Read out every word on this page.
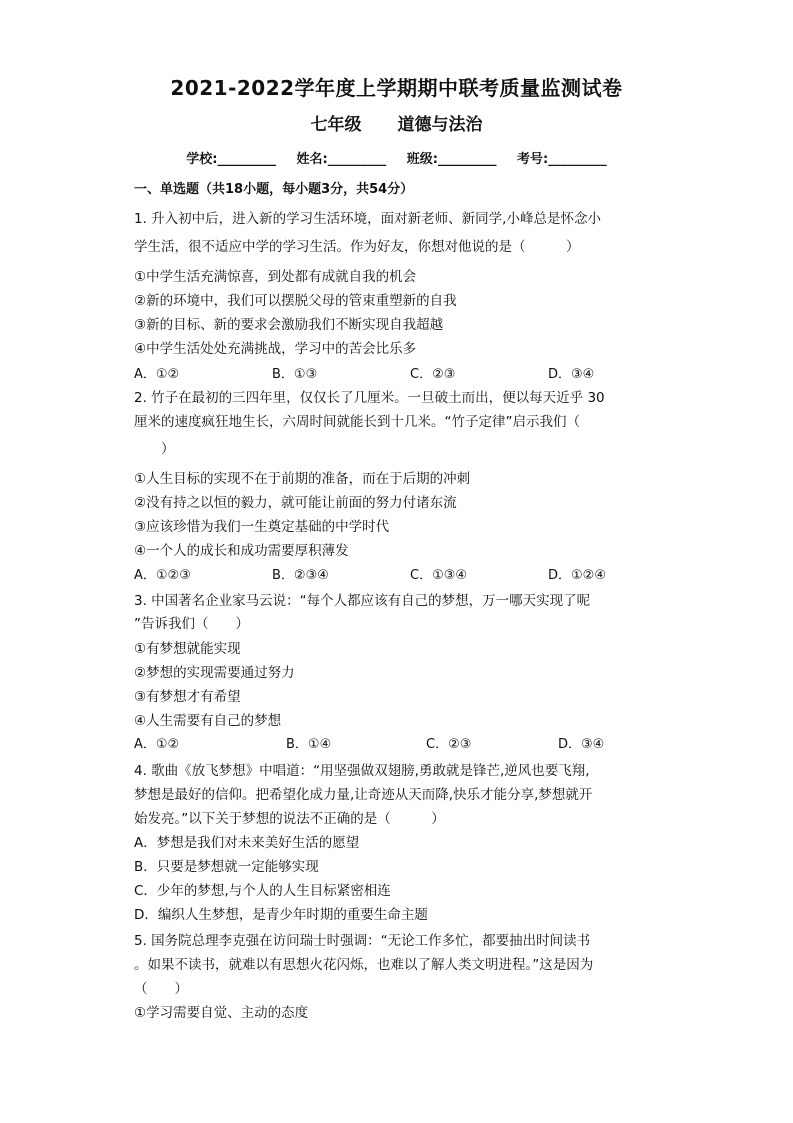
2021-2022学年度上学期期中联考质量监测试卷
七年级 道德与法治
学校:_________ 姓名:_________ 班级:_________ 考号:_________
一、单选题（共18小题，每小题3分，共54分）
1. 升入初中后，进入新的学习生活环境，面对新老师、新同学,小峰总是怀念小
学生活，很不适应中学的学习生活。作为好友，你想对他说的是（　　　）
①中学生活充满惊喜，到处都有成就自我的机会
②新的环境中，我们可以摆脱父母的管束重塑新的自我
③新的目标、新的要求会激励我们不断实现自我超越
④中学生活处处充满挑战，学习中的苦会比乐多
A．①②	B．①③	C．②③	D．③④
2. 竹子在最初的三四年里，仅仅长了几厘米。一旦破土而出，便以每天近乎 30
厘米的速度疯狂地生长，六周时间就能长到十几米。“竹子定律”启示我们（
　　）
①人生目标的实现不在于前期的准备，而在于后期的冲刺
②没有持之以恒的毅力，就可能让前面的努力付诸东流
③应该珍惜为我们一生奠定基础的中学时代
④一个人的成长和成功需要厚积薄发
A．①②③	B．②③④	C．①③④	D．①②④
3. 中国著名企业家马云说：“每个人都应该有自己的梦想，万一哪天实现了呢
”告诉我们（　　）
①有梦想就能实现
②梦想的实现需要通过努力
③有梦想才有希望
④人生需要有自己的梦想
A．①②	B．①④	C．②③	D．③④
4. 歌曲《放飞梦想》中唱道：“用坚强做双翅膀,勇敢就是锋芒,逆风也要飞翔,
梦想是最好的信仰。把希望化成力量,让奇迹从天而降,快乐才能分享,梦想就开
始发亮。”以下关于梦想的说法不正确的是（　　　）
A．梦想是我们对未来美好生活的愿望
B．只要是梦想就一定能够实现
C．少年的梦想,与个人的人生目标紧密相连
D．编织人生梦想，是青少年时期的重要生命主题
5. 国务院总理李克强在访问瑞士时强调：“无论工作多忙，都要抽出时间读书
。如果不读书，就难以有思想火花闪烁，也难以了解人类文明进程。”这是因为
（　　）
①学习需要自觉、主动的态度
